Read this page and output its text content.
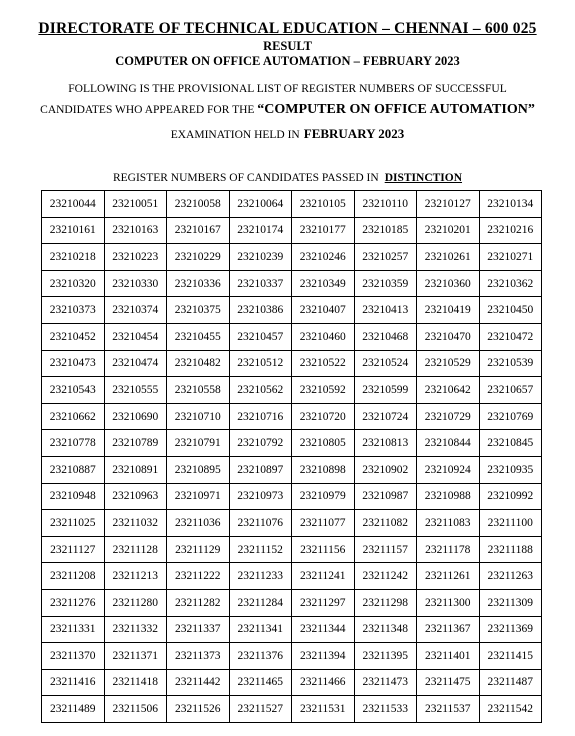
DIRECTORATE OF TECHNICAL EDUCATION – CHENNAI – 600 025
RESULT
COMPUTER ON OFFICE AUTOMATION – FEBRUARY 2023
FOLLOWING IS THE PROVISIONAL LIST OF REGISTER NUMBERS OF SUCCESSFUL
CANDIDATES WHO APPEARED FOR THE “COMPUTER ON OFFICE AUTOMATION”
EXAMINATION HELD IN FEBRUARY 2023
REGISTER NUMBERS OF CANDIDATES PASSED IN DISTINCTION
23210044	23210051	23210058	23210064	23210105	23210110	23210127	23210134
23210161	23210163	23210167	23210174	23210177	23210185	23210201	23210216
23210218	23210223	23210229	23210239	23210246	23210257	23210261	23210271
23210320	23210330	23210336	23210337	23210349	23210359	23210360	23210362
23210373	23210374	23210375	23210386	23210407	23210413	23210419	23210450
23210452	23210454	23210455	23210457	23210460	23210468	23210470	23210472
23210473	23210474	23210482	23210512	23210522	23210524	23210529	23210539
23210543	23210555	23210558	23210562	23210592	23210599	23210642	23210657
23210662	23210690	23210710	23210716	23210720	23210724	23210729	23210769
23210778	23210789	23210791	23210792	23210805	23210813	23210844	23210845
23210887	23210891	23210895	23210897	23210898	23210902	23210924	23210935
23210948	23210963	23210971	23210973	23210979	23210987	23210988	23210992
23211025	23211032	23211036	23211076	23211077	23211082	23211083	23211100
23211127	23211128	23211129	23211152	23211156	23211157	23211178	23211188
23211208	23211213	23211222	23211233	23211241	23211242	23211261	23211263
23211276	23211280	23211282	23211284	23211297	23211298	23211300	23211309
23211331	23211332	23211337	23211341	23211344	23211348	23211367	23211369
23211370	23211371	23211373	23211376	23211394	23211395	23211401	23211415
23211416	23211418	23211442	23211465	23211466	23211473	23211475	23211487
23211489	23211506	23211526	23211527	23211531	23211533	23211537	23211542
